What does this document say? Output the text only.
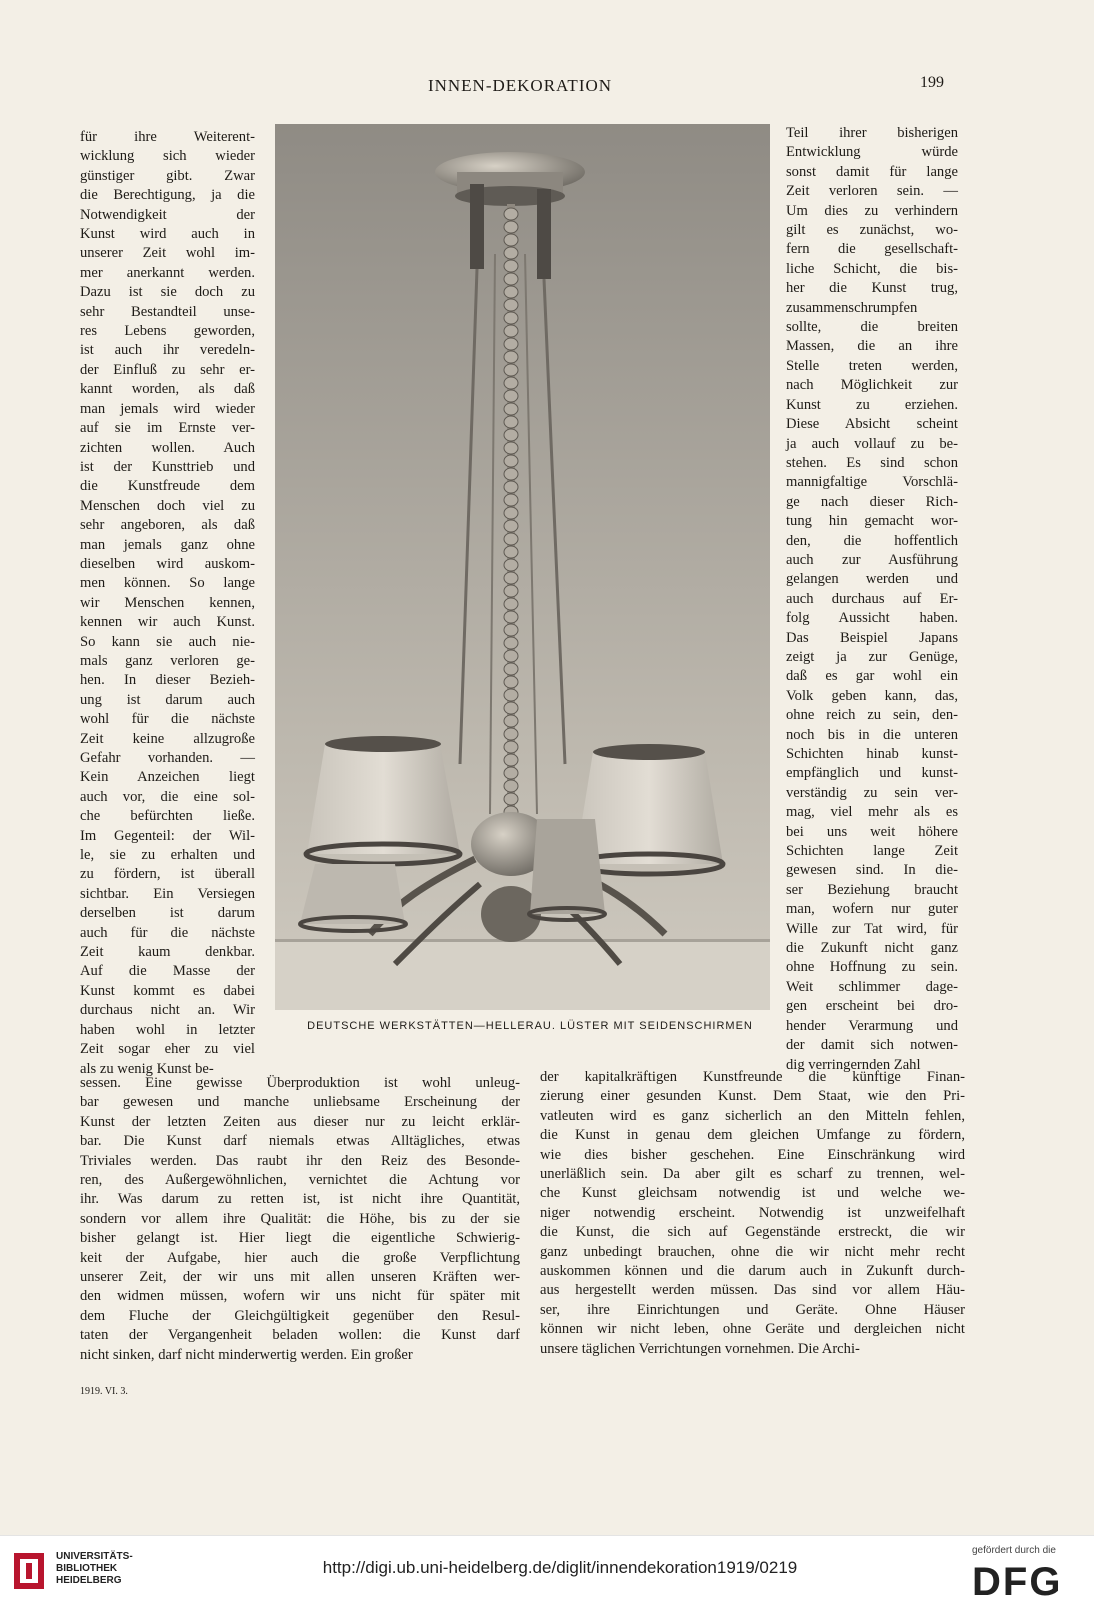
INNEN-DEKORATION	199

für ihre Weiterent-

wicklung sich wieder

günstiger gibt. Zwar

die Berechtigung, ja die

Notwendigkeit der

Kunst wird auch in

unserer Zeit wohl im-

mer anerkannt werden.

Dazu ist sie doch zu

sehr Bestandteil unse-

res Lebens geworden,

ist auch ihr veredeln-

der Einfluß zu sehr er-

kannt worden, als daß

man jemals wird wieder

auf sie im Ernste ver-

zichten wollen. Auch

ist der Kunsttrieb und

die Kunstfreude dem

Menschen doch viel zu

sehr angeboren, als daß

man jemals ganz ohne

dieselben wird auskom-

men können. So lange

wir Menschen kennen,

kennen wir auch Kunst.

So kann sie auch nie-

mals ganz verloren ge-

hen. In dieser Bezieh-

ung ist darum auch

wohl für die nächste

Zeit keine allzugroße

Gefahr vorhanden. —

Kein Anzeichen liegt

auch vor, die eine sol-

che befürchten ließe.

Im Gegenteil: der Wil-

le, sie zu erhalten und

zu fördern, ist überall

sichtbar. Ein Versiegen

derselben ist darum

auch für die nächste

Zeit kaum denkbar.

Auf die Masse der

Kunst kommt es dabei

durchaus nicht an. Wir

haben wohl in letzter

Zeit sogar eher zu viel

als zu wenig Kunst be-

Teil ihrer bisherigen

Entwicklung würde

sonst damit für lange

Zeit verloren sein. —

Um dies zu verhindern

gilt es zunächst, wo-

fern die gesellschaft-

liche Schicht, die bis-

her die Kunst trug,

zusammenschrumpfen

sollte, die breiten

Massen, die an ihre

Stelle treten werden,

nach Möglichkeit zur

Kunst zu erziehen.

Diese Absicht scheint

ja auch vollauf zu be-

stehen. Es sind schon

mannigfaltige Vorschlä-

ge nach dieser Rich-

tung hin gemacht wor-

den, die hoffentlich

auch zur Ausführung

gelangen werden und

auch durchaus auf Er-

folg Aussicht haben.

Das Beispiel Japans

zeigt ja zur Genüge,

daß es gar wohl ein

Volk geben kann, das,

ohne reich zu sein, den-

noch bis in die unteren

Schichten hinab kunst-

empfänglich und kunst-

verständig zu sein ver-

mag, viel mehr als es

bei uns weit höhere

Schichten lange Zeit

gewesen sind. In die-

ser Beziehung braucht

man, wofern nur guter

Wille zur Tat wird, für

die Zukunft nicht ganz

ohne Hoffnung zu sein.

Weit schlimmer dage-

gen erscheint bei dro-

hender Verarmung und

der damit sich notwen-

dig verringernden Zahl

DEUTSCHE WERKSTÄTTEN—HELLERAU. LÜSTER MIT SEIDENSCHIRMEN

sessen. Eine gewisse Überproduktion ist wohl unleug-

bar gewesen und manche unliebsame Erscheinung der

Kunst der letzten Zeiten aus dieser nur zu leicht erklär-

bar. Die Kunst darf niemals etwas Alltägliches, etwas

Triviales werden. Das raubt ihr den Reiz des Besonde-

ren, des Außergewöhnlichen, vernichtet die Achtung vor

ihr. Was darum zu retten ist, ist nicht ihre Quantität,

sondern vor allem ihre Qualität: die Höhe, bis zu der sie

bisher gelangt ist. Hier liegt die eigentliche Schwierig-

keit der Aufgabe, hier auch die große Verpflichtung

unserer Zeit, der wir uns mit allen unseren Kräften wer-

den widmen müssen, wofern wir uns nicht für später mit

dem Fluche der Gleichgültigkeit gegenüber den Resul-

taten der Vergangenheit beladen wollen: die Kunst darf

nicht sinken, darf nicht minderwertig werden. Ein großer

der kapitalkräftigen Kunstfreunde die künftige Finan-

zierung einer gesunden Kunst. Dem Staat, wie den Pri-

vatleuten wird es ganz sicherlich an den Mitteln fehlen,

die Kunst in genau dem gleichen Umfange zu fördern,

wie dies bisher geschehen. Eine Einschränkung wird

unerläßlich sein. Da aber gilt es scharf zu trennen, wel-

che Kunst gleichsam notwendig ist und welche we-

niger notwendig erscheint. Notwendig ist unzweifelhaft

die Kunst, die sich auf Gegenstände erstreckt, die wir

ganz unbedingt brauchen, ohne die wir nicht mehr recht

auskommen können und die darum auch in Zukunft durch-

aus hergestellt werden müssen. Das sind vor allem Häu-

ser, ihre Einrichtungen und Geräte. Ohne Häuser

können wir nicht leben, ohne Geräte und dergleichen nicht

unsere täglichen Verrichtungen vornehmen. Die Archi-

1919. VI. 3.
UNIVERSITÄTS-
BIBLIOTHEK
HEIDELBERG
http://digi.ub.uni-heidelberg.de/diglit/innendekoration1919/0219
gefördert durch die
DFG
